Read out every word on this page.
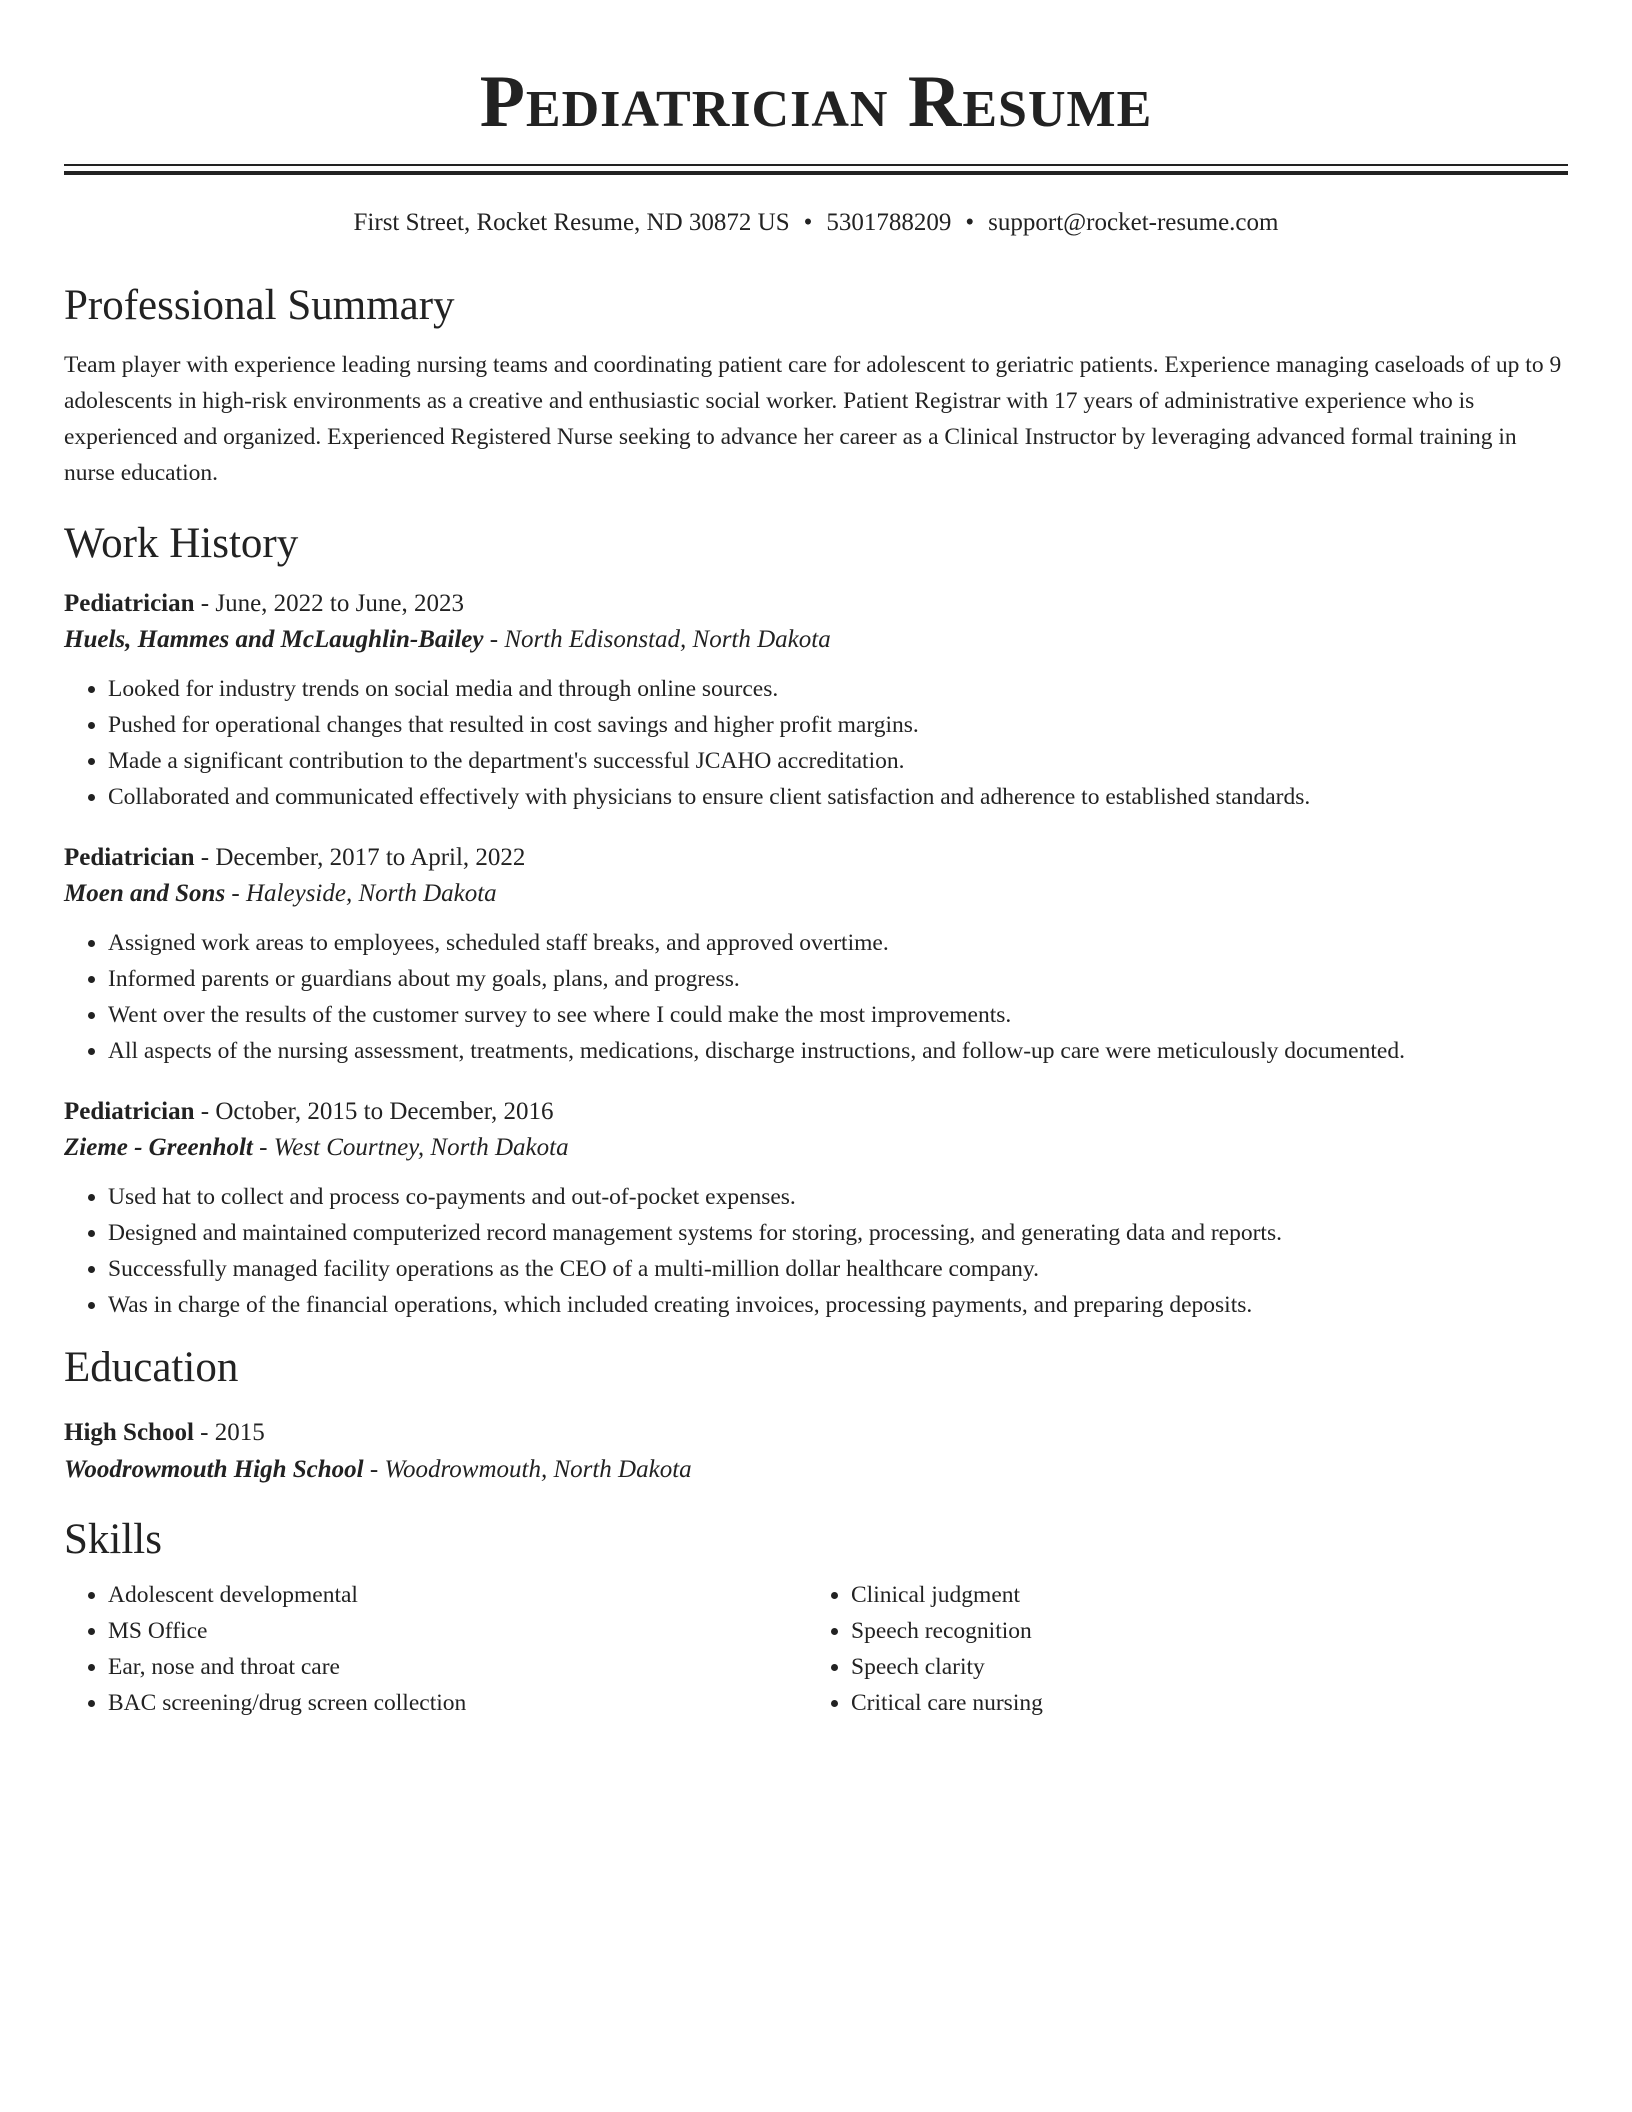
Pediatrician Resume
First Street, Rocket Resume, ND 30872 US • 5301788209 • support@rocket-resume.com
Professional Summary

Team player with experience leading nursing teams and coordinating patient care for adolescent to geriatric patients. Experience managing caseloads of up to 9 adolescents in high-risk environments as a creative and enthusiastic social worker. Patient Registrar with 17 years of administrative experience who is experienced and organized. Experienced Registered Nurse seeking to advance her career as a Clinical Instructor by leveraging advanced formal training in nurse education.

Work History
Pediatrician - June, 2022 to June, 2023
Huels, Hammes and McLaughlin-Bailey - North Edisonstad, North Dakota
• Looked for industry trends on social media and through online sources.
• Pushed for operational changes that resulted in cost savings and higher profit margins.
• Made a significant contribution to the department's successful JCAHO accreditation.
• Collaborated and communicated effectively with physicians to ensure client satisfaction and adherence to established standards.
Pediatrician - December, 2017 to April, 2022
Moen and Sons - Haleyside, North Dakota
• Assigned work areas to employees, scheduled staff breaks, and approved overtime.
• Informed parents or guardians about my goals, plans, and progress.
• Went over the results of the customer survey to see where I could make the most improvements.
• All aspects of the nursing assessment, treatments, medications, discharge instructions, and follow-up care were meticulously documented.
Pediatrician - October, 2015 to December, 2016
Zieme - Greenholt - West Courtney, North Dakota
• Used hat to collect and process co-payments and out-of-pocket expenses.
• Designed and maintained computerized record management systems for storing, processing, and generating data and reports.
• Successfully managed facility operations as the CEO of a multi-million dollar healthcare company.
• Was in charge of the financial operations, which included creating invoices, processing payments, and preparing deposits.
Education
High School - 2015
Woodrowmouth High School - Woodrowmouth, North Dakota
Skills
• Adolescent developmental
• MS Office
• Ear, nose and throat care
• BAC screening/drug screen collection
• Clinical judgment
• Speech recognition
• Speech clarity
• Critical care nursing
